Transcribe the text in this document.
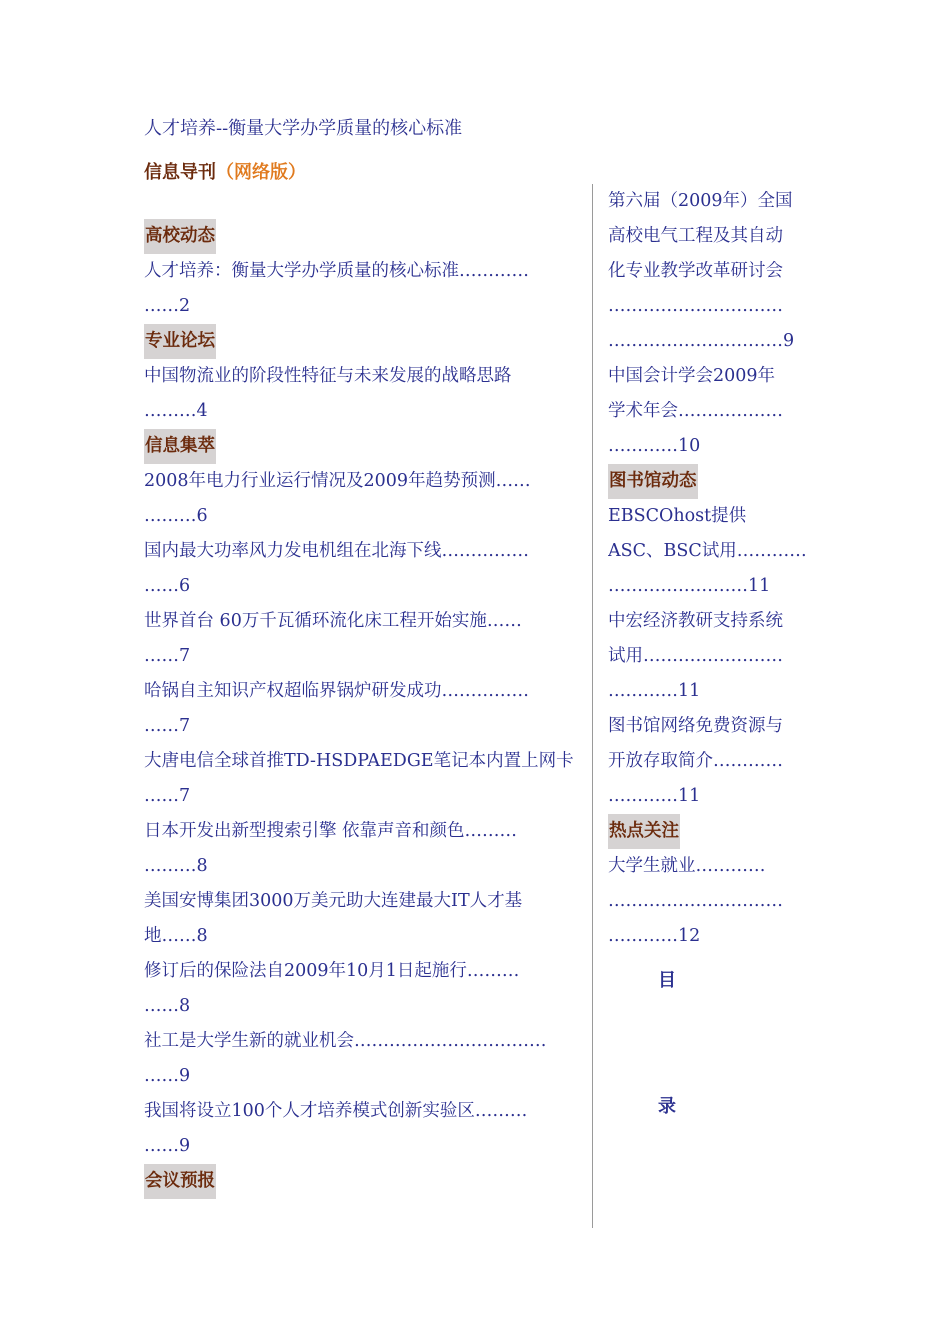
人才培养--衡量大学办学质量的核心标准
信息导刊（网络版）
高校动态
人才培养：衡量大学办学质量的核心标准…………
……2
专业论坛
中国物流业的阶段性特征与未来发展的战略思路
………4
信息集萃
2008年电力行业运行情况及2009年趋势预测……
………6
国内最大功率风力发电机组在北海下线……………
……6
世界首台 60万千瓦循环流化床工程开始实施……
……7
哈锅自主知识产权超临界锅炉研发成功……………
……7
大唐电信全球首推TD-HSDPAEDGE笔记本内置上网卡
……7
日本开发出新型搜索引擎 依靠声音和颜色………
………8
美国安博集团3000万美元助大连建最大IT人才基
地……8
修订后的保险法自2009年10月1日起施行………
……8
社工是大学生新的就业机会……………………………
……9
我国将设立100个人才培养模式创新实验区………
……9
会议预报
第六届（2009年）全国
高校电气工程及其自动
化专业教学改革研讨会
…………………………
…………………………9
中国会计学会2009年
学术年会………………
…………10
图书馆动态
EBSCOhost提供
ASC、BSC试用…………
……………………11
中宏经济教研支持系统
试用……………………
…………11
图书馆网络免费资源与
开放存取简介…………
…………11
热点关注
大学生就业…………
…………………………
…………12
目
录
